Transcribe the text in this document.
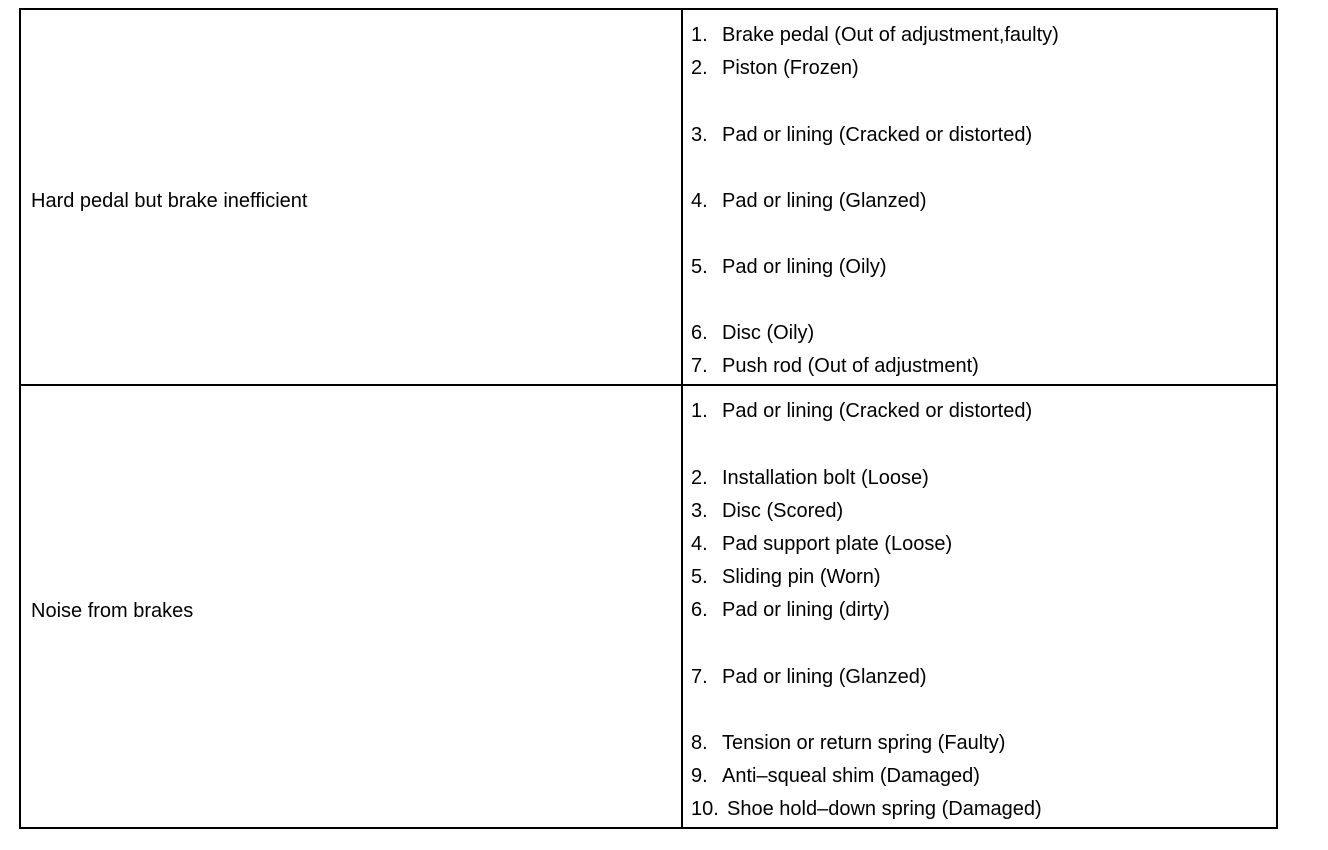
Hard pedal but brake inefficient
1. Brake pedal (Out of adjustment,faulty)
2. Piston (Frozen)
3. Pad or lining (Cracked or distorted)
4. Pad or lining (Glanzed)
5. Pad or lining (Oily)
6. Disc (Oily)
7. Push rod (Out of adjustment)
Noise from brakes
1. Pad or lining (Cracked or distorted)
2. Installation bolt (Loose)
3. Disc (Scored)
4. Pad support plate (Loose)
5. Sliding pin (Worn)
6. Pad or lining (dirty)
7. Pad or lining (Glanzed)
8. Tension or return spring (Faulty)
9. Anti–squeal shim (Damaged)
10. Shoe hold–down spring (Damaged)
